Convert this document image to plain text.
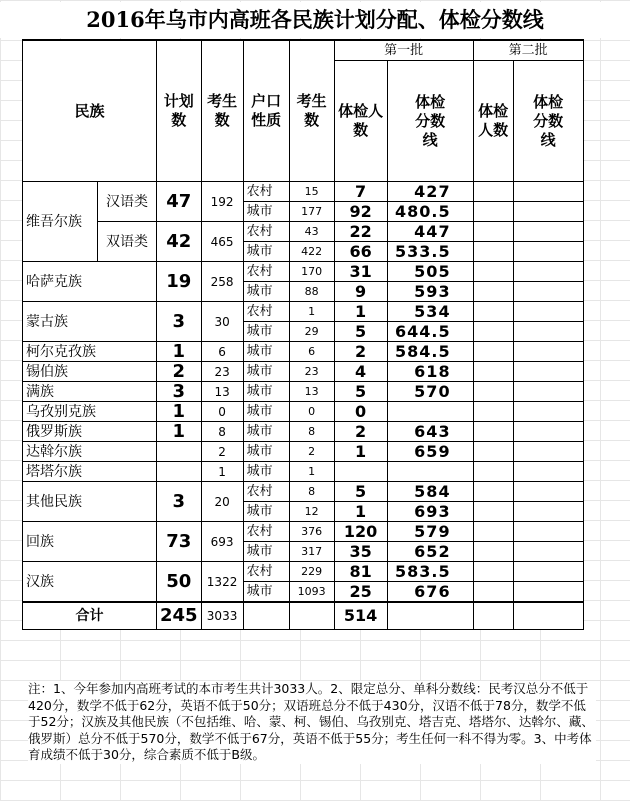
2016年乌市内高班各民族计划分配、体检分数线
民族		计划数	考生数	户口性质	考生数	第一批		第二批	
						体检人数	体检分数线	体检人数	体检分数线
维吾尔族	汉语类	47	192	农村	15	7	427		
				城市	177	92	480.5		
	双语类	42	465	农村	43	22	447		
				城市	422	66	533.5		
哈萨克族		19	258	农村	170	31	505		
				城市	88	9	593		
蒙古族		3	30	农村	1	1	534		
				城市	29	5	644.5		
柯尔克孜族		1	6	城市	6	2	584.5		
锡伯族		2	23	城市	23	4	618		
满族		3	13	城市	13	5	570		
乌孜别克族		1	0	城市	0	0			
俄罗斯族		1	8	城市	8	2	643		
达斡尔族			2	城市	2	1	659		
塔塔尔族			1	城市	1				
其他民族		3	20	农村	8	5	584		
				城市	12	1	693		
回族		73	693	农村	376	120	579		
				城市	317	35	652		
汉族		50	1322	农村	229	81	583.5		
				城市	1093	25	676		
合计		245	3033			514			
注：1、今年参加内高班考试的本市考生共计3033人。2、限定总分、单科分数线：民考汉总分不低于420分，数学不低于62分，英语不低于50分；双语班总分不低于430分，汉语不低于78分，数学不低于52分；汉族及其他民族（不包括维、哈、蒙、柯、锡伯、乌孜别克、塔吉克、塔塔尔、达斡尔、藏、俄罗斯）总分不低于570分，数学不低于67分，英语不低于55分；考生任何一科不得为零。3、中考体育成绩不低于30分，综合素质不低于B级。
